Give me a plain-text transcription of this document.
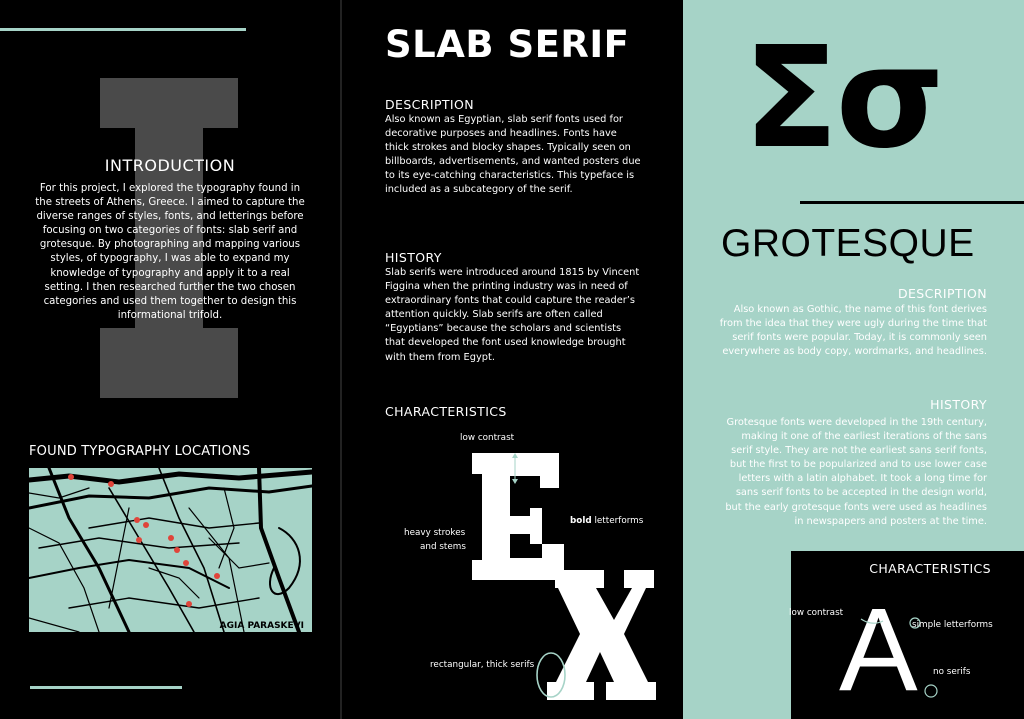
INTRODUCTION
For this project, I explored the typography found in the streets of Athens, Greece. I aimed to capture the diverse ranges of styles, fonts, and letterings before focusing on two categories of fonts: slab serif and grotesque. By photographing and mapping various styles, of typography, I was able to expand my knowledge of typography and apply it to a real setting. I then researched further the two chosen categories and used them together to design this informational trifold.
FOUND TYPOGRAPHY LOCATIONS
AGIA PARASKEVI
SLAB SERIF
DESCRIPTION
Also known as Egyptian, slab serif fonts used for decorative purposes and headlines. Fonts have thick strokes and blocky shapes. Typically seen on billboards, advertisements, and wanted posters due to its eye-catching characteristics. This typeface is included as a subcategory of the serif.
HISTORY
Slab serifs were introduced around 1815 by Vincent Figgina when the printing industry was in need of extraordinary fonts that could capture the reader’s attention quickly. Slab serifs are often called “Egyptians” because the scholars and scientists that developed the font used knowledge brought with them from Egypt.
CHARACTERISTICS
low contrast
heavy strokes
and stems
bold letterforms
rectangular, thick serifs
Σσ
GROTESQUE
DESCRIPTION
Also known as Gothic, the name of this font derives from the idea that they were ugly during the time that serif fonts were popular. Today, it is commonly seen everywhere as body copy, wordmarks, and headlines.
HISTORY
Grotesque fonts were developed in the 19th century, making it one of the earliest iterations of the sans serif style. They are not the earliest sans serif fonts, but the first to be popularized and to use lower case letters with a latin alphabet. It took a long time for sans serif fonts to be accepted in the design world, but the early grotesque fonts were used as headlines in newspapers and posters at the time.
CHARACTERISTICS
A
low contrast
simple letterforms
no serifs
